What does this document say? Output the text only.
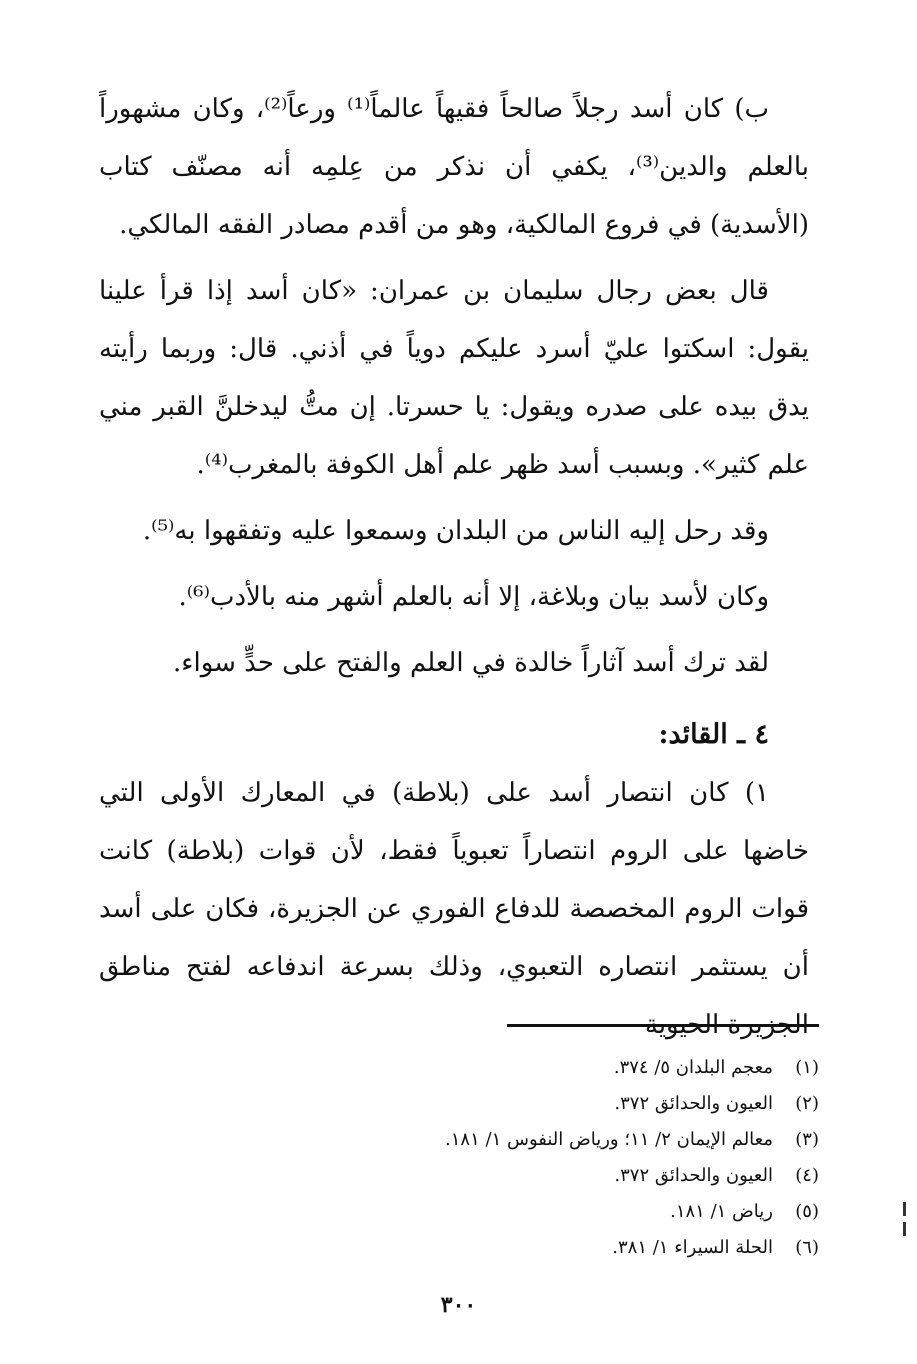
ب) كان أسد رجلاً صالحاً فقيهاً عالماً⁽¹⁾ ورعاً⁽²⁾، وكان مشهوراً بالعلم والدين⁽³⁾، يكفي أن نذكر من عِلمِه أنه مصنّف كتاب (الأسدية) في فروع المالكية، وهو من أقدم مصادر الفقه المالكي.

قال بعض رجال سليمان بن عمران: «كان أسد إذا قرأ علينا يقول: اسكتوا عليّ أسرد عليكم دوياً في أذني. قال: وربما رأيته يدق بيده على صدره ويقول: يا حسرتا. إن متُّ ليدخلنَّ القبر مني علم كثير». وبسبب أسد ظهر علم أهل الكوفة بالمغرب⁽⁴⁾.

وقد رحل إليه الناس من البلدان وسمعوا عليه وتفقهوا به⁽⁵⁾.

وكان لأسد بيان وبلاغة، إلا أنه بالعلم أشهر منه بالأدب⁽⁶⁾.

لقد ترك أسد آثاراً خالدة في العلم والفتح على حدٍّ سواء.

٤ ـ القائد:

١) كان انتصار أسد على (بلاطة) في المعارك الأولى التي خاضها على الروم انتصاراً تعبوياً فقط، لأن قوات (بلاطة) كانت قوات الروم المخصصة للدفاع الفوري عن الجزيرة، فكان على أسد أن يستثمر انتصاره التعبوي، وذلك بسرعة اندفاعه لفتح مناطق الجزيرة الحيوية

(١)
معجم البلدان ٥/ ٣٧٤.
(٢)
العيون والحدائق ٣٧٢.
(٣)
معالم الإيمان ٢/ ١١؛ ورياض النفوس ١/ ١٨١.
(٤)
العيون والحدائق ٣٧٢.
(٥)
رياض ١/ ١٨١.
(٦)
الحلة السيراء ١/ ٣٨١.
٣٠٠
